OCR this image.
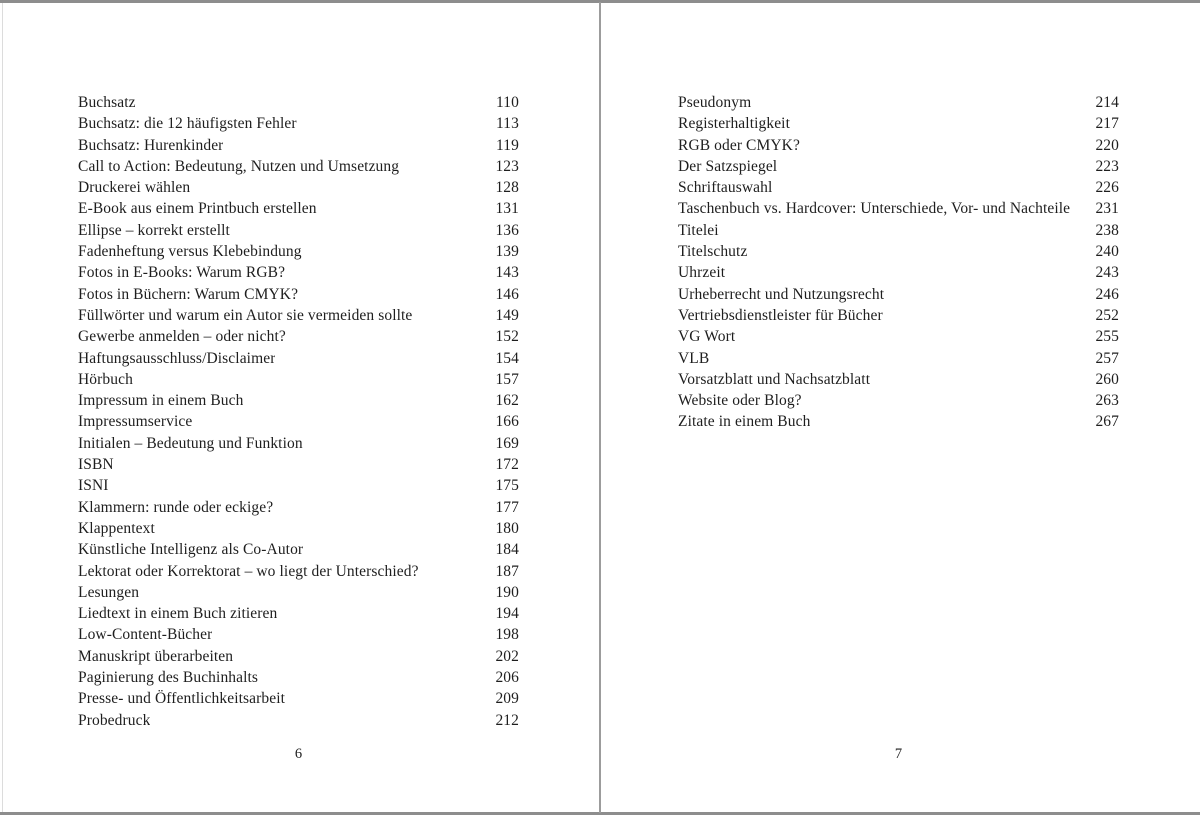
Buchsatz	110
Buchsatz: die 12 häufigsten Fehler	113
Buchsatz: Hurenkinder	119
Call to Action: Bedeutung, Nutzen und Umsetzung	123
Druckerei wählen	128
E-Book aus einem Printbuch erstellen	131
Ellipse – korrekt erstellt	136
Fadenheftung versus Klebebindung	139
Fotos in E-Books: Warum RGB?	143
Fotos in Büchern: Warum CMYK?	146
Füllwörter und warum ein Autor sie vermeiden sollte	149
Gewerbe anmelden – oder nicht?	152
Haftungsausschluss/Disclaimer	154
Hörbuch	157
Impressum in einem Buch	162
Impressumservice	166
Initialen – Bedeutung und Funktion	169
ISBN	172
ISNI	175
Klammern: runde oder eckige?	177
Klappentext	180
Künstliche Intelligenz als Co-Autor	184
Lektorat oder Korrektorat – wo liegt der Unterschied?	187
Lesungen	190
Liedtext in einem Buch zitieren	194
Low-Content-Bücher	198
Manuskript überarbeiten	202
Paginierung des Buchinhalts	206
Presse- und Öffentlichkeitsarbeit	209
Probedruck	212
6
Pseudonym	214
Registerhaltigkeit	217
RGB oder CMYK?	220
Der Satzspiegel	223
Schriftauswahl	226
Taschenbuch vs. Hardcover: Unterschiede, Vor- und Nachteile	231
Titelei	238
Titelschutz	240
Uhrzeit	243
Urheberrecht und Nutzungsrecht	246
Vertriebsdienstleister für Bücher	252
VG Wort	255
VLB	257
Vorsatzblatt und Nachsatzblatt	260
Website oder Blog?	263
Zitate in einem Buch	267
7
